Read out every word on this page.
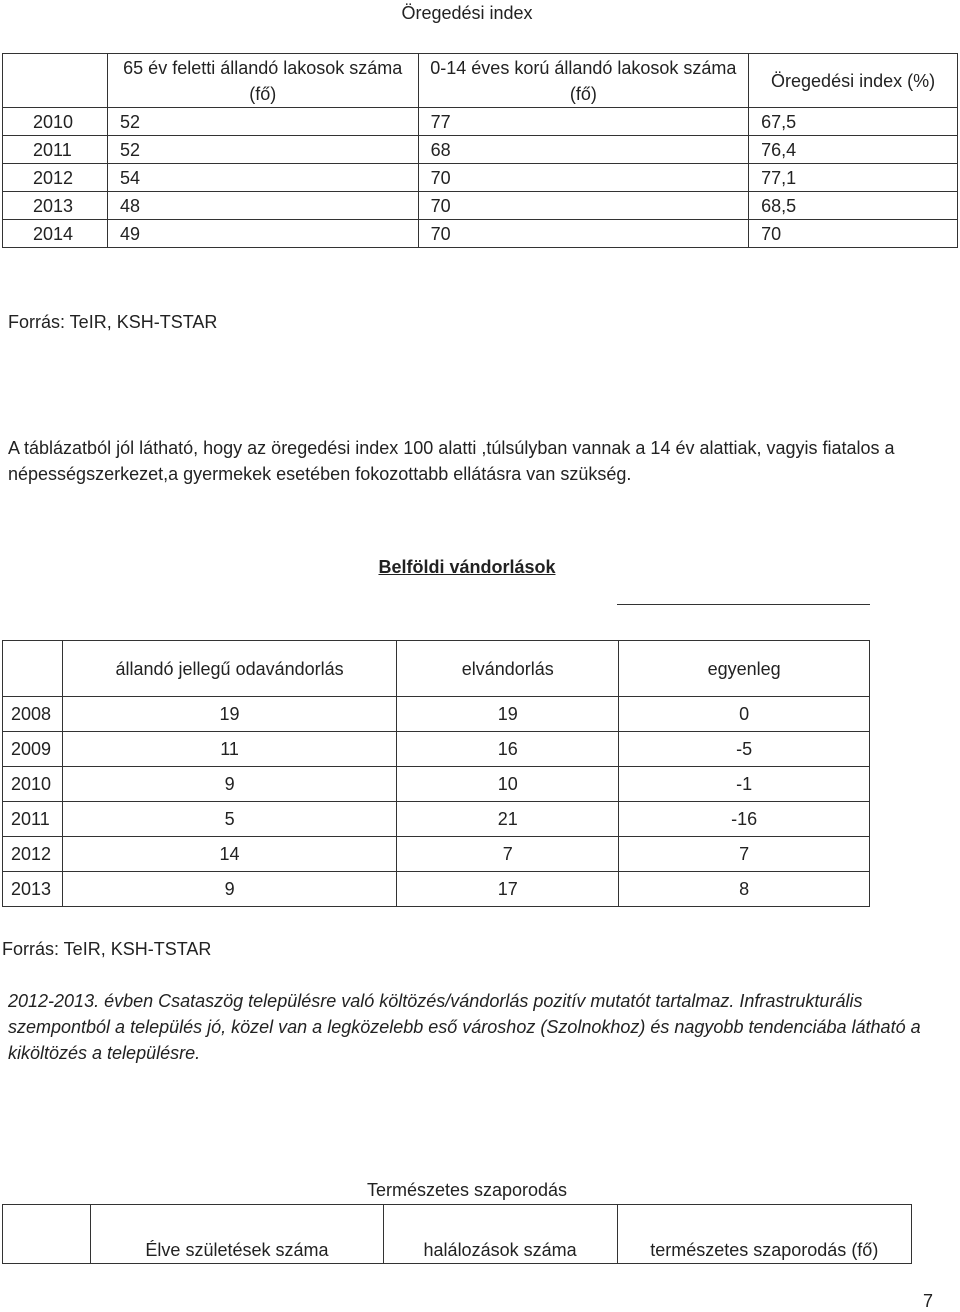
Öregedési index
	65 év feletti állandó lakosok száma (fő)	0-14 éves korú állandó lakosok száma (fő)	Öregedési index (%)
2010	52	77	67,5
2011	52	68	76,4
2012	54	70	77,1
2013	48	70	68,5
2014	49	70	70
Forrás: TeIR, KSH-TSTAR
A táblázatból jól látható, hogy az öregedési index 100 alatti ,túlsúlyban vannak a 14 év alattiak, vagyis fiatalos a népességszerkezet,a gyermekek esetében fokozottabb ellátásra van szükség.
Belföldi vándorlások
	állandó jellegű odavándorlás	elvándorlás	egyenleg
2008	19	19	0
2009	11	16	-5
2010	9	10	-1
2011	5	21	-16
2012	14	7	7
2013	9	17	8
Forrás: TeIR, KSH-TSTAR
2012-2013. évben Csataszög településre való költözés/vándorlás pozitív mutatót tartalmaz. Infrastrukturális szempontból a település jó, közel van a legközelebb eső városhoz (Szolnokhoz) és nagyobb tendenciába látható a kiköltözés a településre.
Természetes szaporodás
	Élve születések száma	halálozások száma	természetes szaporodás (fő)
7
